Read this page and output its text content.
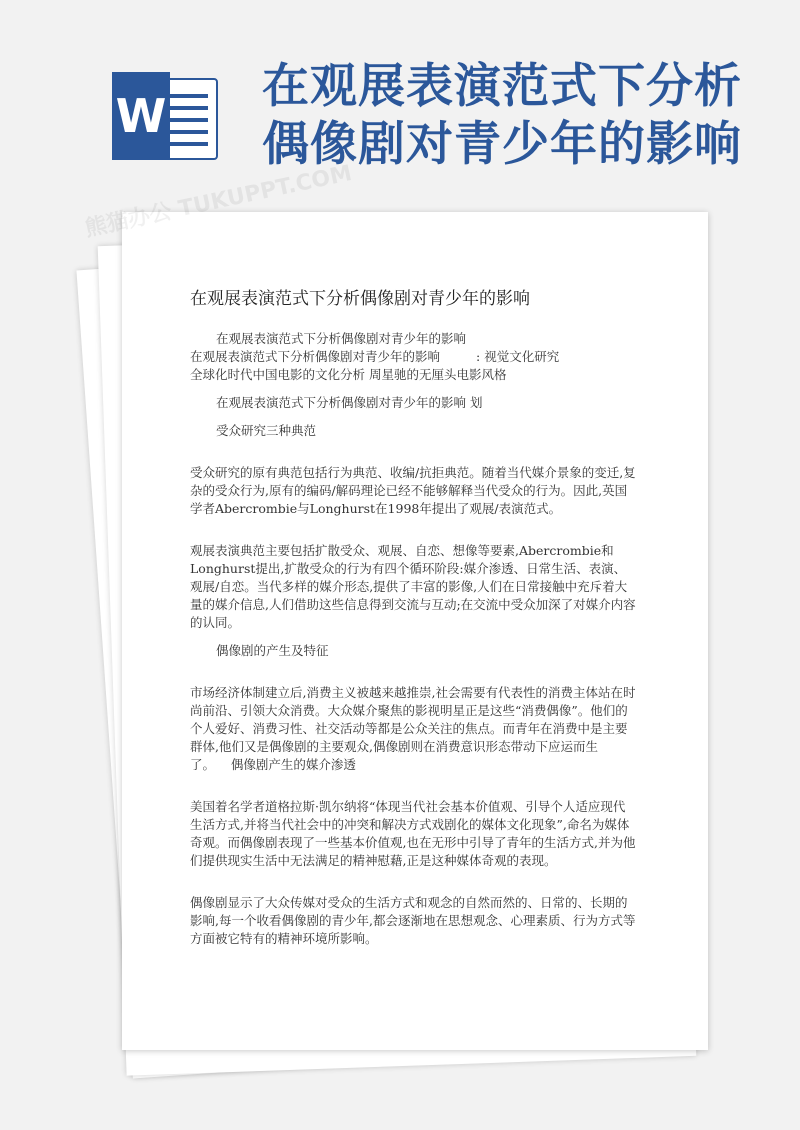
W
在观展表演范式下分析
偶像剧对青少年的影响
熊猫办公 TUKUPPT.COM
在观展表演范式下分析偶像剧对青少年的影响

在观展表演范式下分析偶像剧对青少年的影响

在观展表演范式下分析偶像剧对青少年的影响	: 视觉文化研究

全球化时代中国电影的文化分析 周星驰的无厘头电影风格

在观展表演范式下分析偶像剧对青少年的影响 划

受众研究三种典范

受众研究的原有典范包括行为典范、收编/抗拒典范。随着当代媒介景象的变迁,复杂的受众行为,原有的编码/解码理论已经不能够解释当代受众的行为。因此,英国学者Abercrombie与Longhurst在1998年提出了观展/表演范式。

观展表演典范主要包括扩散受众、观展、自恋、想像等要素,Abercrombie和Longhurst提出,扩散受众的行为有四个循环阶段:媒介渗透、日常生活、表演、观展/自恋。当代多样的媒介形态,提供了丰富的影像,人们在日常接触中充斥着大量的媒介信息,人们借助这些信息得到交流与互动;在交流中受众加深了对媒介内容的认同。

偶像剧的产生及特征

市场经济体制建立后,消费主义被越来越推崇,社会需要有代表性的消费主体站在时尚前沿、引领大众消费。大众媒介聚焦的影视明星正是这些“消费偶像”。他们的个人爱好、消费习性、社交活动等都是公众关注的焦点。而青年在消费中是主要群体,他们又是偶像剧的主要观众,偶像剧则在消费意识形态带动下应运而生了。 偶像剧产生的媒介渗透

美国着名学者道格拉斯·凯尔纳将“体现当代社会基本价值观、引导个人适应现代生活方式,并将当代社会中的冲突和解决方式戏剧化的媒体文化现象”,命名为媒体奇观。而偶像剧表现了一些基本价值观,也在无形中引导了青年的生活方式,并为他们提供现实生活中无法满足的精神慰藉,正是这种媒体奇观的表现。

偶像剧显示了大众传媒对受众的生活方式和观念的自然而然的、日常的、长期的影响,每一个收看偶像剧的青少年,都会逐渐地在思想观念、心理素质、行为方式等方面被它特有的精神环境所影响。
